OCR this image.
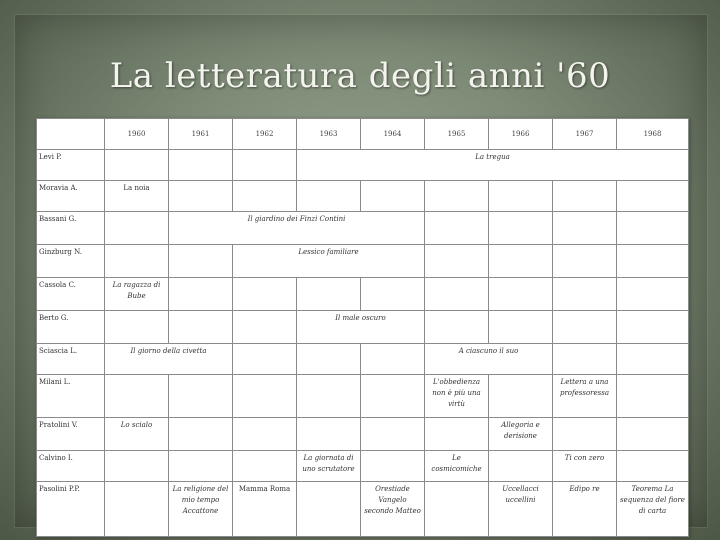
La letteratura degli anni '60
	1960	1961	1962	1963	1964	1965	1966	1967	1968
Levi P.				La tregua					
Moravia A.	La noia								
Bassani G.		Il giardino dei Finzi Contini							
Ginzburg N.			Lessico familiare						
Cassola C.	La ragazza di Bube								
Berto G.				Il male oscuro					
Sciascia L.	Il giorno della civetta					A ciascuno il suo			
Milani L.						L'obbedienza non è più una virtù		Lettera a una professoressa	
Pratolini V.	Lo scialo						Allegoria e derisione		
Calvino I.				La giornata di uno scrutatore		Le cosmicomiche		Ti con zero	
Pasolini P.P.		La religione del mio tempo Accattone	Mamma Roma		Orestiade Vangelo secondo Matteo		Uccellacci uccellini	Edipo re	Teorema La sequenza del fiore di carta
